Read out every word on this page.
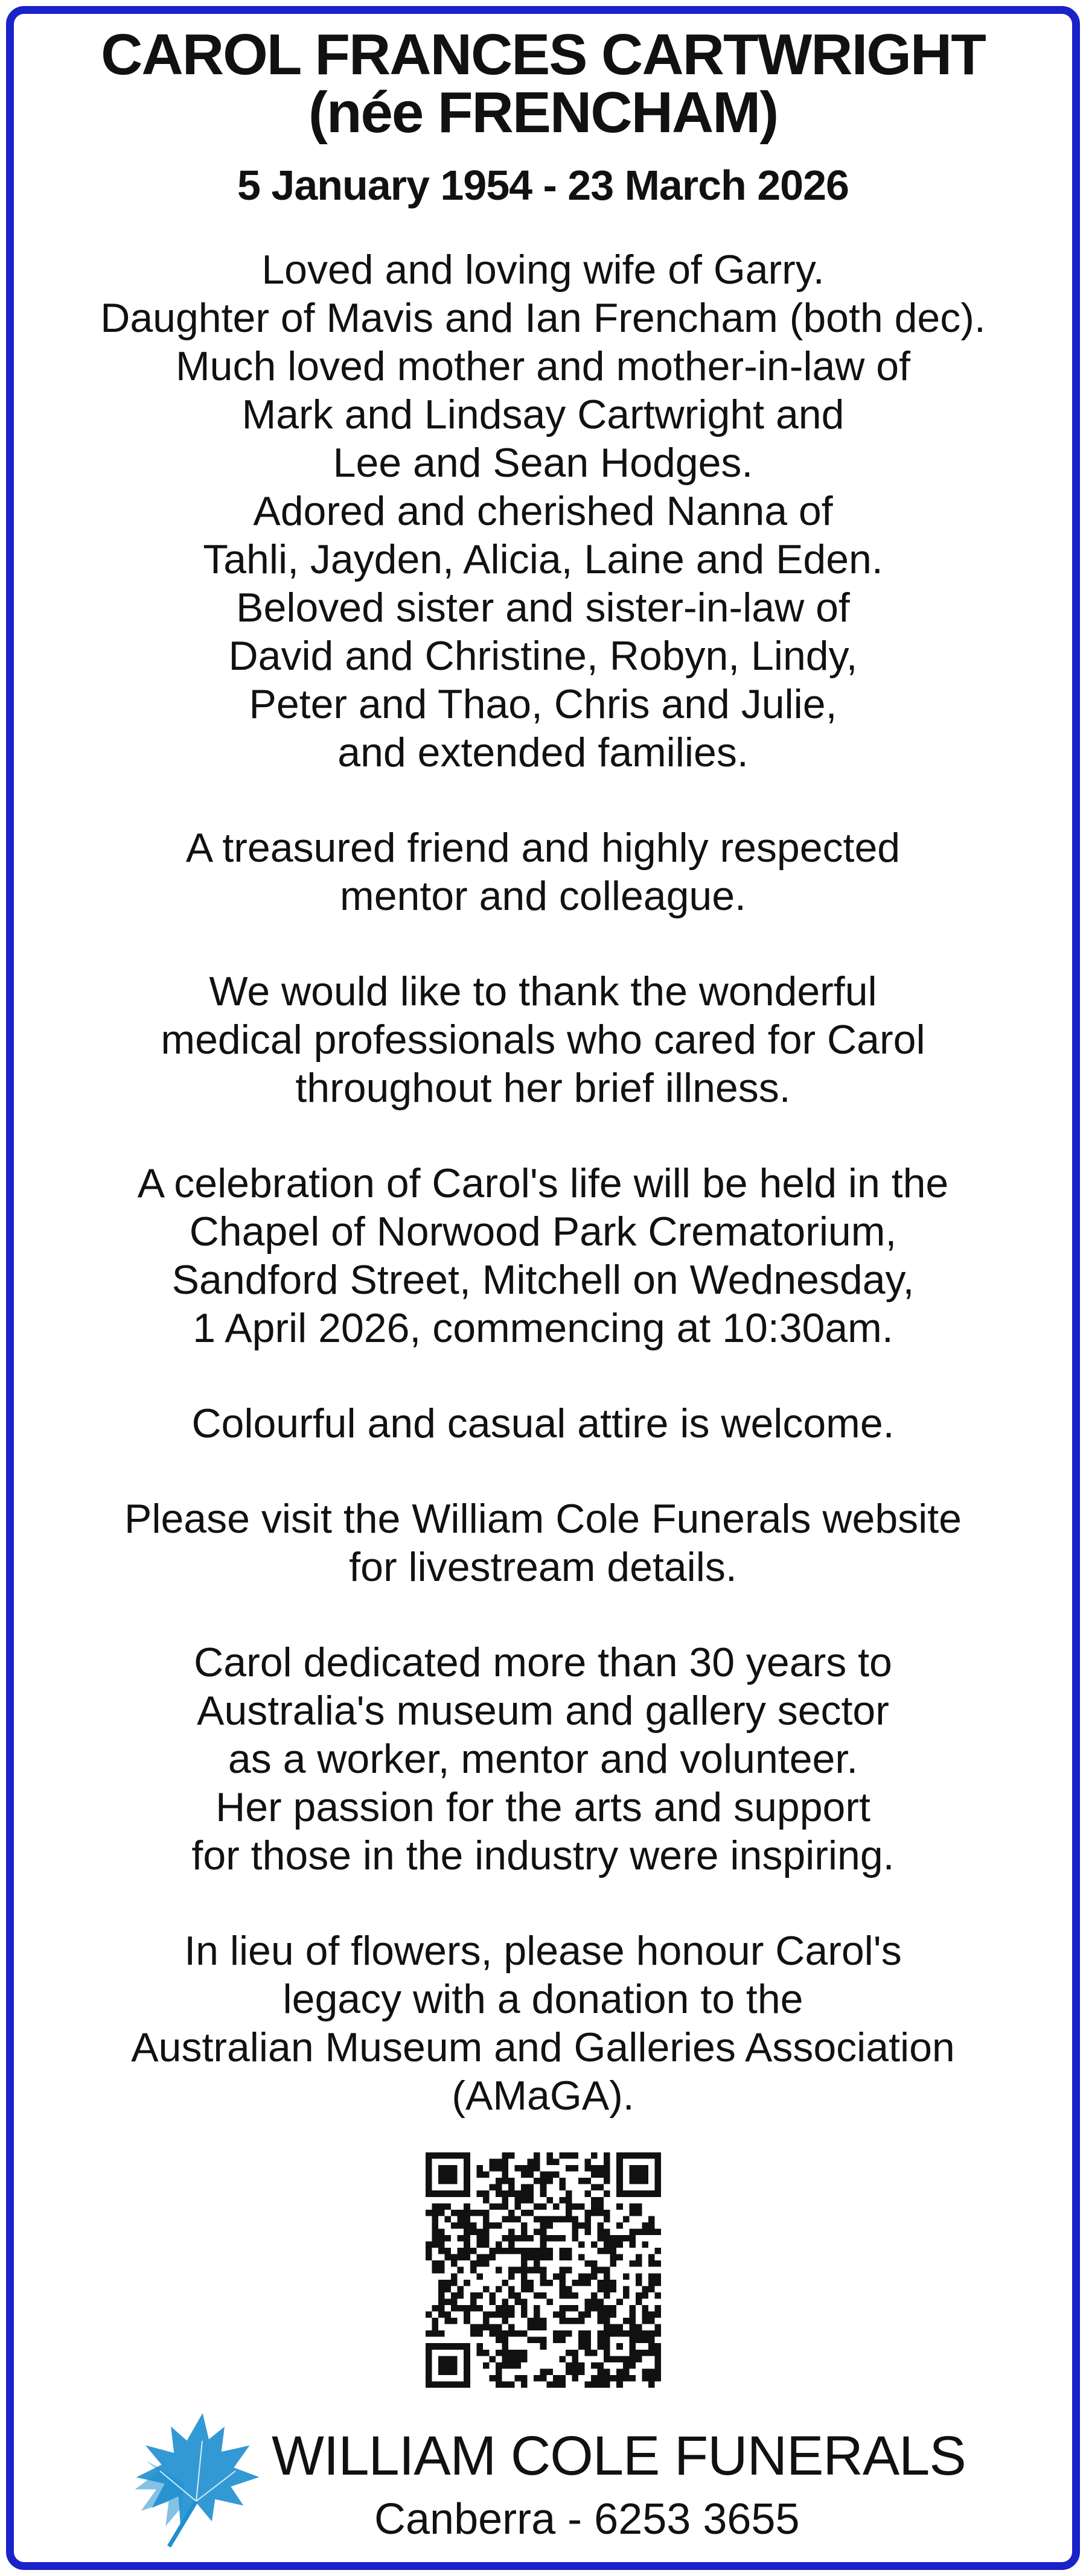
CAROL FRANCES CARTWRIGHT
(née FRENCHAM)
5 January 1954 - 23 March 2026

Loved and loving wife of Garry.
Daughter of Mavis and Ian Frencham (both dec).
Much loved mother and mother-in-law of
Mark and Lindsay Cartwright and
Lee and Sean Hodges.
Adored and cherished Nanna of
Tahli, Jayden, Alicia, Laine and Eden.
Beloved sister and sister-in-law of
David and Christine, Robyn, Lindy,
Peter and Thao, Chris and Julie,
and extended families.

A treasured friend and highly respected
mentor and colleague.

We would like to thank the wonderful
medical professionals who cared for Carol
throughout her brief illness.

A celebration of Carol's life will be held in the
Chapel of Norwood Park Crematorium,
Sandford Street, Mitchell on Wednesday,
1 April 2026, commencing at 10:30am.

Colourful and casual attire is welcome.

Please visit the William Cole Funerals website
for livestream details.

Carol dedicated more than 30 years to
Australia's museum and gallery sector
as a worker, mentor and volunteer.
Her passion for the arts and support
for those in the industry were inspiring.

In lieu of flowers, please honour Carol's
legacy with a donation to the
Australian Museum and Galleries Association
(AMaGA).

WILLIAM COLE FUNERALS
Canberra - 6253 3655
